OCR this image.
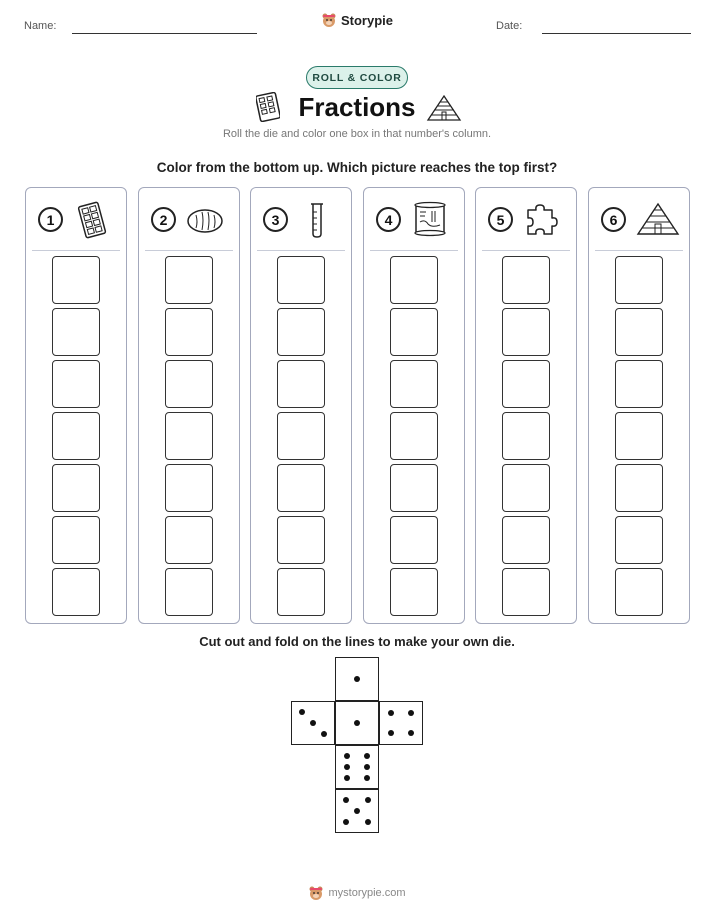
Name:	Storypie	Date:
ROLL & COLOR
Fractions
Roll the die and color one box in that number's column.
Color from the bottom up. Which picture reaches the top first?
1	2	3	4	5	6
Cut out and fold on the lines to make your own die.
mystorypie.com
